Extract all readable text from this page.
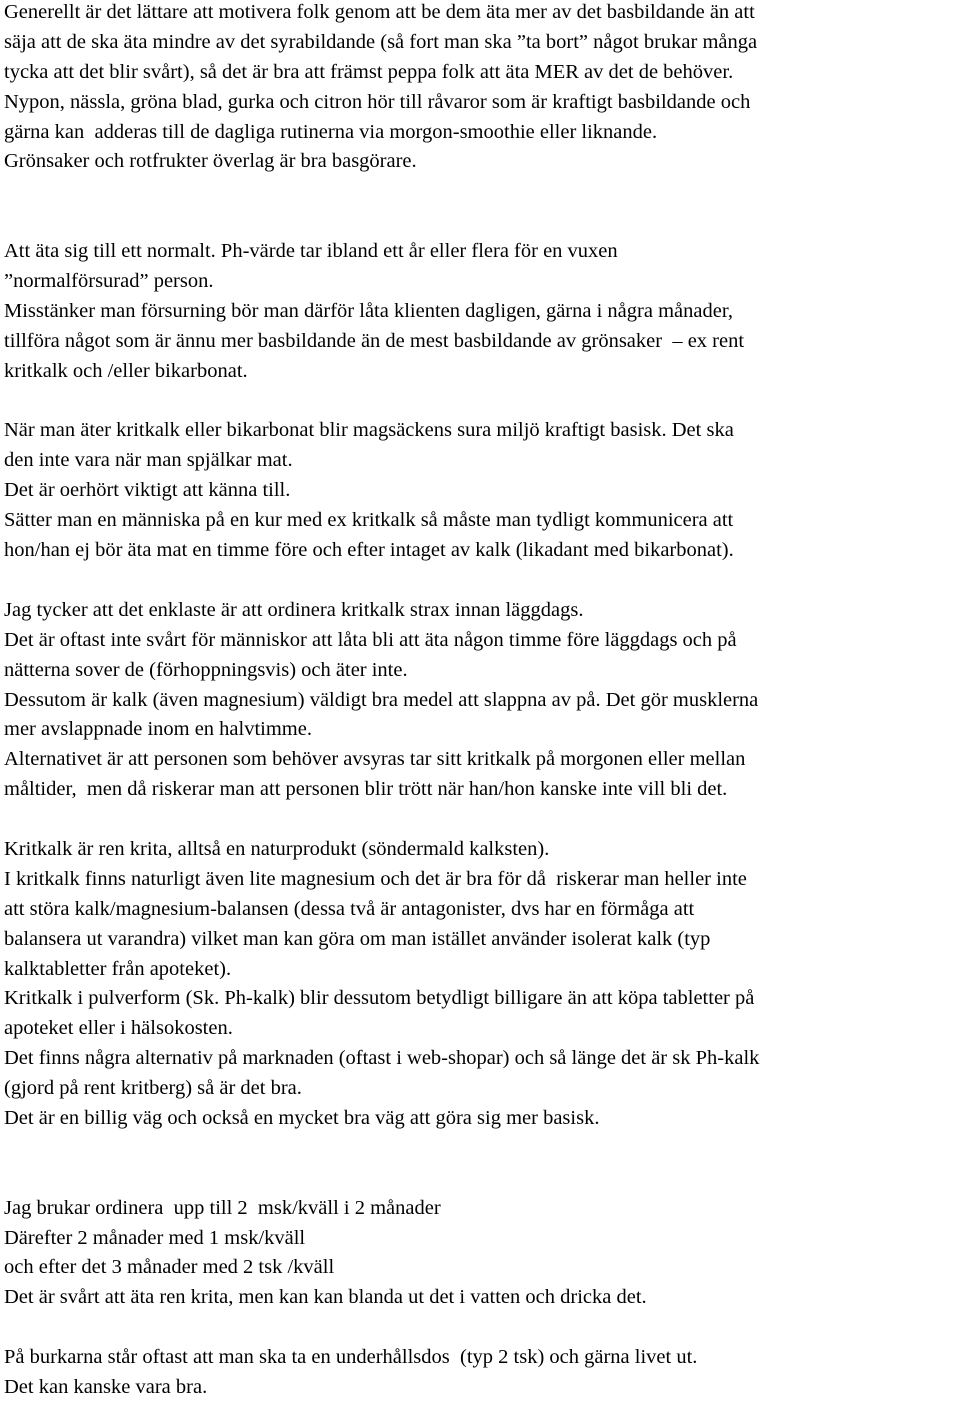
Generellt är det lättare att motivera folk genom att be dem äta mer av det basbildande än att
säja att de ska äta mindre av det syrabildande (så fort man ska ”ta bort” något brukar många
tycka att det blir svårt), så det är bra att främst peppa folk att äta MER av det de behöver.
Nypon, nässla, gröna blad, gurka och citron hör till råvaror som är kraftigt basbildande och
gärna kan  adderas till de dagliga rutinerna via morgon-smoothie eller liknande.
Grönsaker och rotfrukter överlag är bra basgörare.
Att äta sig till ett normalt. Ph-värde tar ibland ett år eller flera för en vuxen
”normalförsurad” person.
Misstänker man försurning bör man därför låta klienten dagligen, gärna i några månader,
tillföra något som är ännu mer basbildande än de mest basbildande av grönsaker  – ex rent
kritkalk och /eller bikarbonat.
När man äter kritkalk eller bikarbonat blir magsäckens sura miljö kraftigt basisk. Det ska
den inte vara när man spjälkar mat.
Det är oerhört viktigt att känna till.
Sätter man en människa på en kur med ex kritkalk så måste man tydligt kommunicera att
hon/han ej bör äta mat en timme före och efter intaget av kalk (likadant med bikarbonat).
Jag tycker att det enklaste är att ordinera kritkalk strax innan läggdags.
Det är oftast inte svårt för människor att låta bli att äta någon timme före läggdags och på
nätterna sover de (förhoppningsvis) och äter inte.
Dessutom är kalk (även magnesium) väldigt bra medel att slappna av på. Det gör musklerna
mer avslappnade inom en halvtimme.
Alternativet är att personen som behöver avsyras tar sitt kritkalk på morgonen eller mellan
måltider,  men då riskerar man att personen blir trött när han/hon kanske inte vill bli det.
Kritkalk är ren krita, alltså en naturprodukt (söndermald kalksten).
I kritkalk finns naturligt även lite magnesium och det är bra för då  riskerar man heller inte
att störa kalk/magnesium-balansen (dessa två är antagonister, dvs har en förmåga att
balansera ut varandra) vilket man kan göra om man istället använder isolerat kalk (typ
kalktabletter från apoteket).
Kritkalk i pulverform (Sk. Ph-kalk) blir dessutom betydligt billigare än att köpa tabletter på
apoteket eller i hälsokosten.
Det finns några alternativ på marknaden (oftast i web-shopar) och så länge det är sk Ph-kalk
(gjord på rent kritberg) så är det bra.
Det är en billig väg och också en mycket bra väg att göra sig mer basisk.
Jag brukar ordinera  upp till 2  msk/kväll i 2 månader
Därefter 2 månader med 1 msk/kväll
och efter det 3 månader med 2 tsk /kväll
Det är svårt att äta ren krita, men kan kan blanda ut det i vatten och dricka det.
På burkarna står oftast att man ska ta en underhållsdos  (typ 2 tsk) och gärna livet ut.
Det kan kanske vara bra.
